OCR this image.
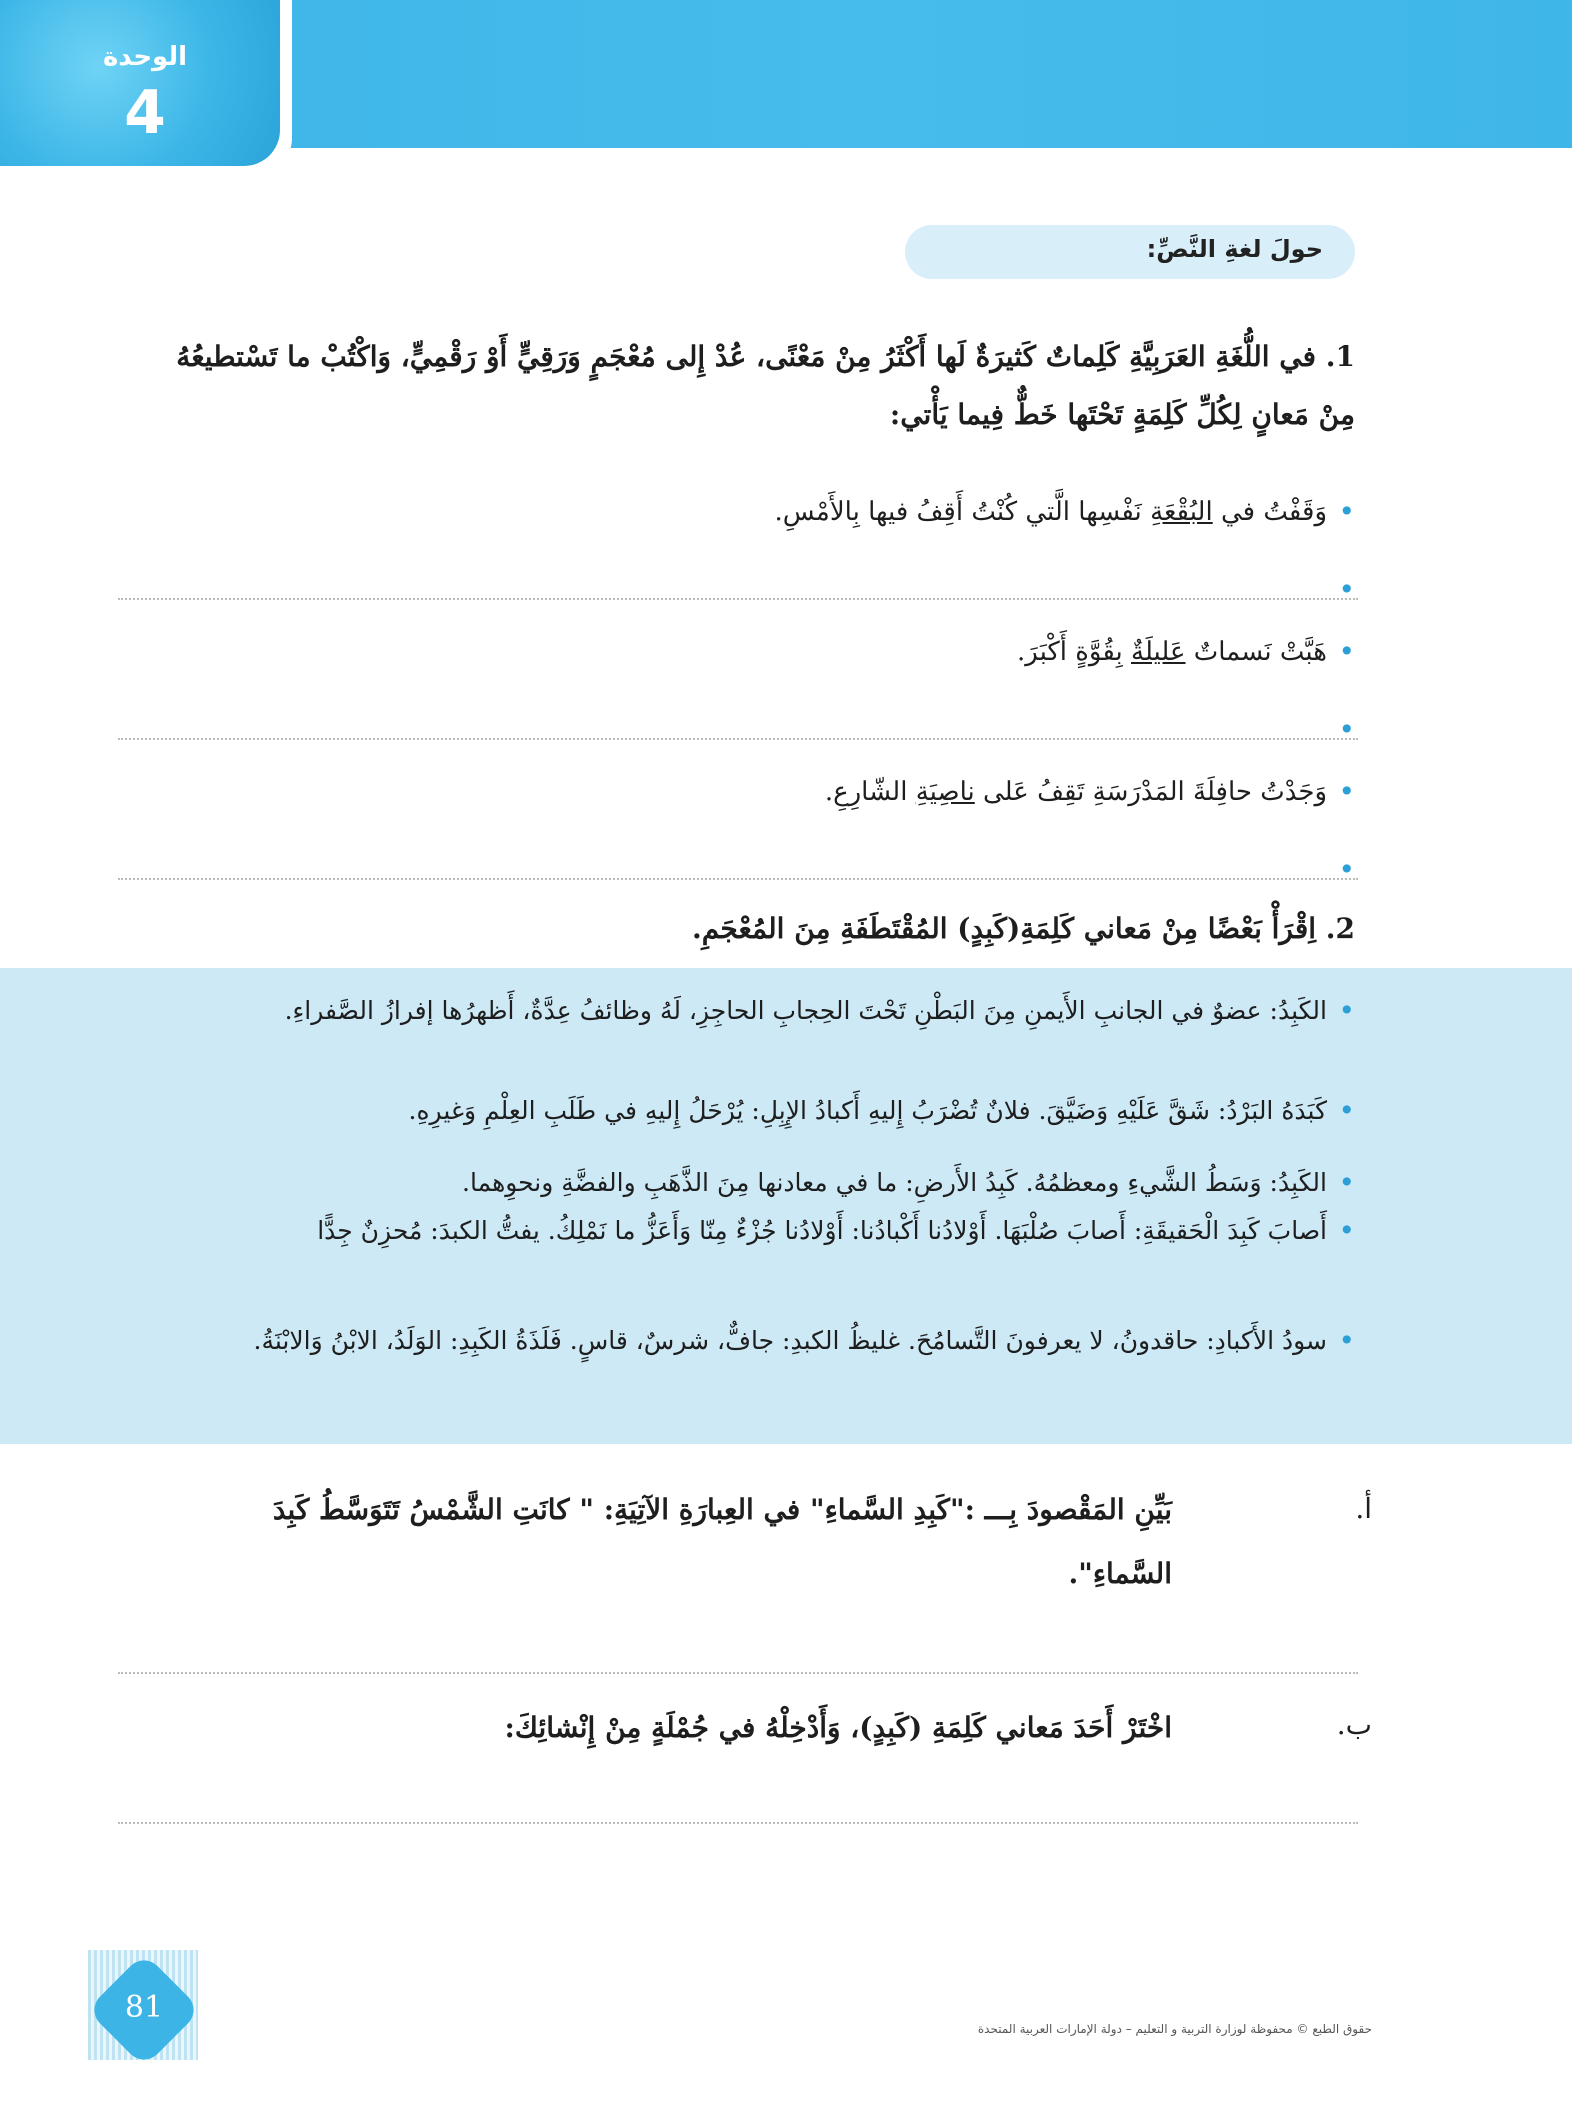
الوحدة
4
حولَ لغةِ النَّصِّ:
1. في اللُّغَةِ العَرَبِيَّةِ كَلِماتٌ كَثيرَةٌ لَها أَكْثَرُ مِنْ مَعْنًى، عُدْ إِلى مُعْجَمٍ وَرَقِيٍّ أَوْ رَقْمِيٍّ، وَاكْتُبْ ما تَسْتطيعُهُ مِنْ مَعانٍ لِكُلِّ كَلِمَةٍ تَحْتَها خَطٌّ فِيما يَأْتي:
•
وَقَفْتُ في البُقْعَةِ نَفْسِها الَّتي كُنْتُ أَقِفُ فيها بِالأَمْسِ.
•
•
هَبَّتْ نَسماتٌ عَليلَةٌ بِقُوَّةٍ أَكْبَرَ.
•
•
وَجَدْتُ حافِلَةَ المَدْرَسَةِ تَقِفُ عَلى ناصِيَةِ الشّارِعِ.
•
2. اِقْرَأْ بَعْضًا مِنْ مَعاني كَلِمَةِ(كَبِدٍ) المُقْتَطَفَةِ مِنَ المُعْجَمِ.
•
الكَبِدُ: عضوٌ في الجانبِ الأَيمنِ مِنَ البَطْنِ تَحْتَ الحِجابِ الحاجِزِ، لَهُ وظائفُ عِدَّةٌ، أَظهرُها إفرازُ الصَّفراءِ.
•
كَبَدَهُ البَرْدُ: شَقَّ عَلَيْهِ وَضَيَّقَ. فلانٌ تُضْرَبُ إِليهِ أَكبادُ الإِبِلِ: يُرْحَلُ إِليهِ في طَلَبِ العِلْمِ وَغيرِهِ.
•
الكَبِدُ: وَسَطُ الشَّيءِ ومعظمُهُ. كَبِدُ الأَرضِ: ما في معادنها مِنَ الذَّهَبِ والفضَّةِ ونحوِهما.
•
أَصابَ كَبِدَ الْحَقيقَةِ: أَصابَ صُلْبَهَا. أَوْلادُنا أَكْبادُنا: أَوْلادُنا جُزْءٌ مِنّا وَأَعَزُّ ما نَمْلِكُ. يفتُّ الكبدَ: مُحزِنٌ جِدًّا
•
سودُ الأَكبادِ: حاقدونُ، لا يعرفونَ التَّسامُحَ. غليظُ الكبدِ: جافٌّ، شرسٌ، قاسٍ. فَلَذَةُ الكَبِدِ: الوَلَدُ، الابْنُ وَالابْنَةُ.
أ.
بَيِّنِ المَقْصودَ بِـــ :"كَبِدِ السَّماءِ" في العِبارَةِ الآتِيَةِ: " كانَتِ الشَّمْسُ تَتَوَسَّطُ كَبِدَ السَّماءِ".
ب.
اخْتَرْ أَحَدَ مَعاني كَلِمَةِ (كَبِدٍ)، وَأَدْخِلْهُ في جُمْلَةٍ مِنْ إِنْشائِكَ:
81
حقوق الطبع © محفوظة لوزارة التربية و التعليم – دولة الإمارات العربية المتحدة
